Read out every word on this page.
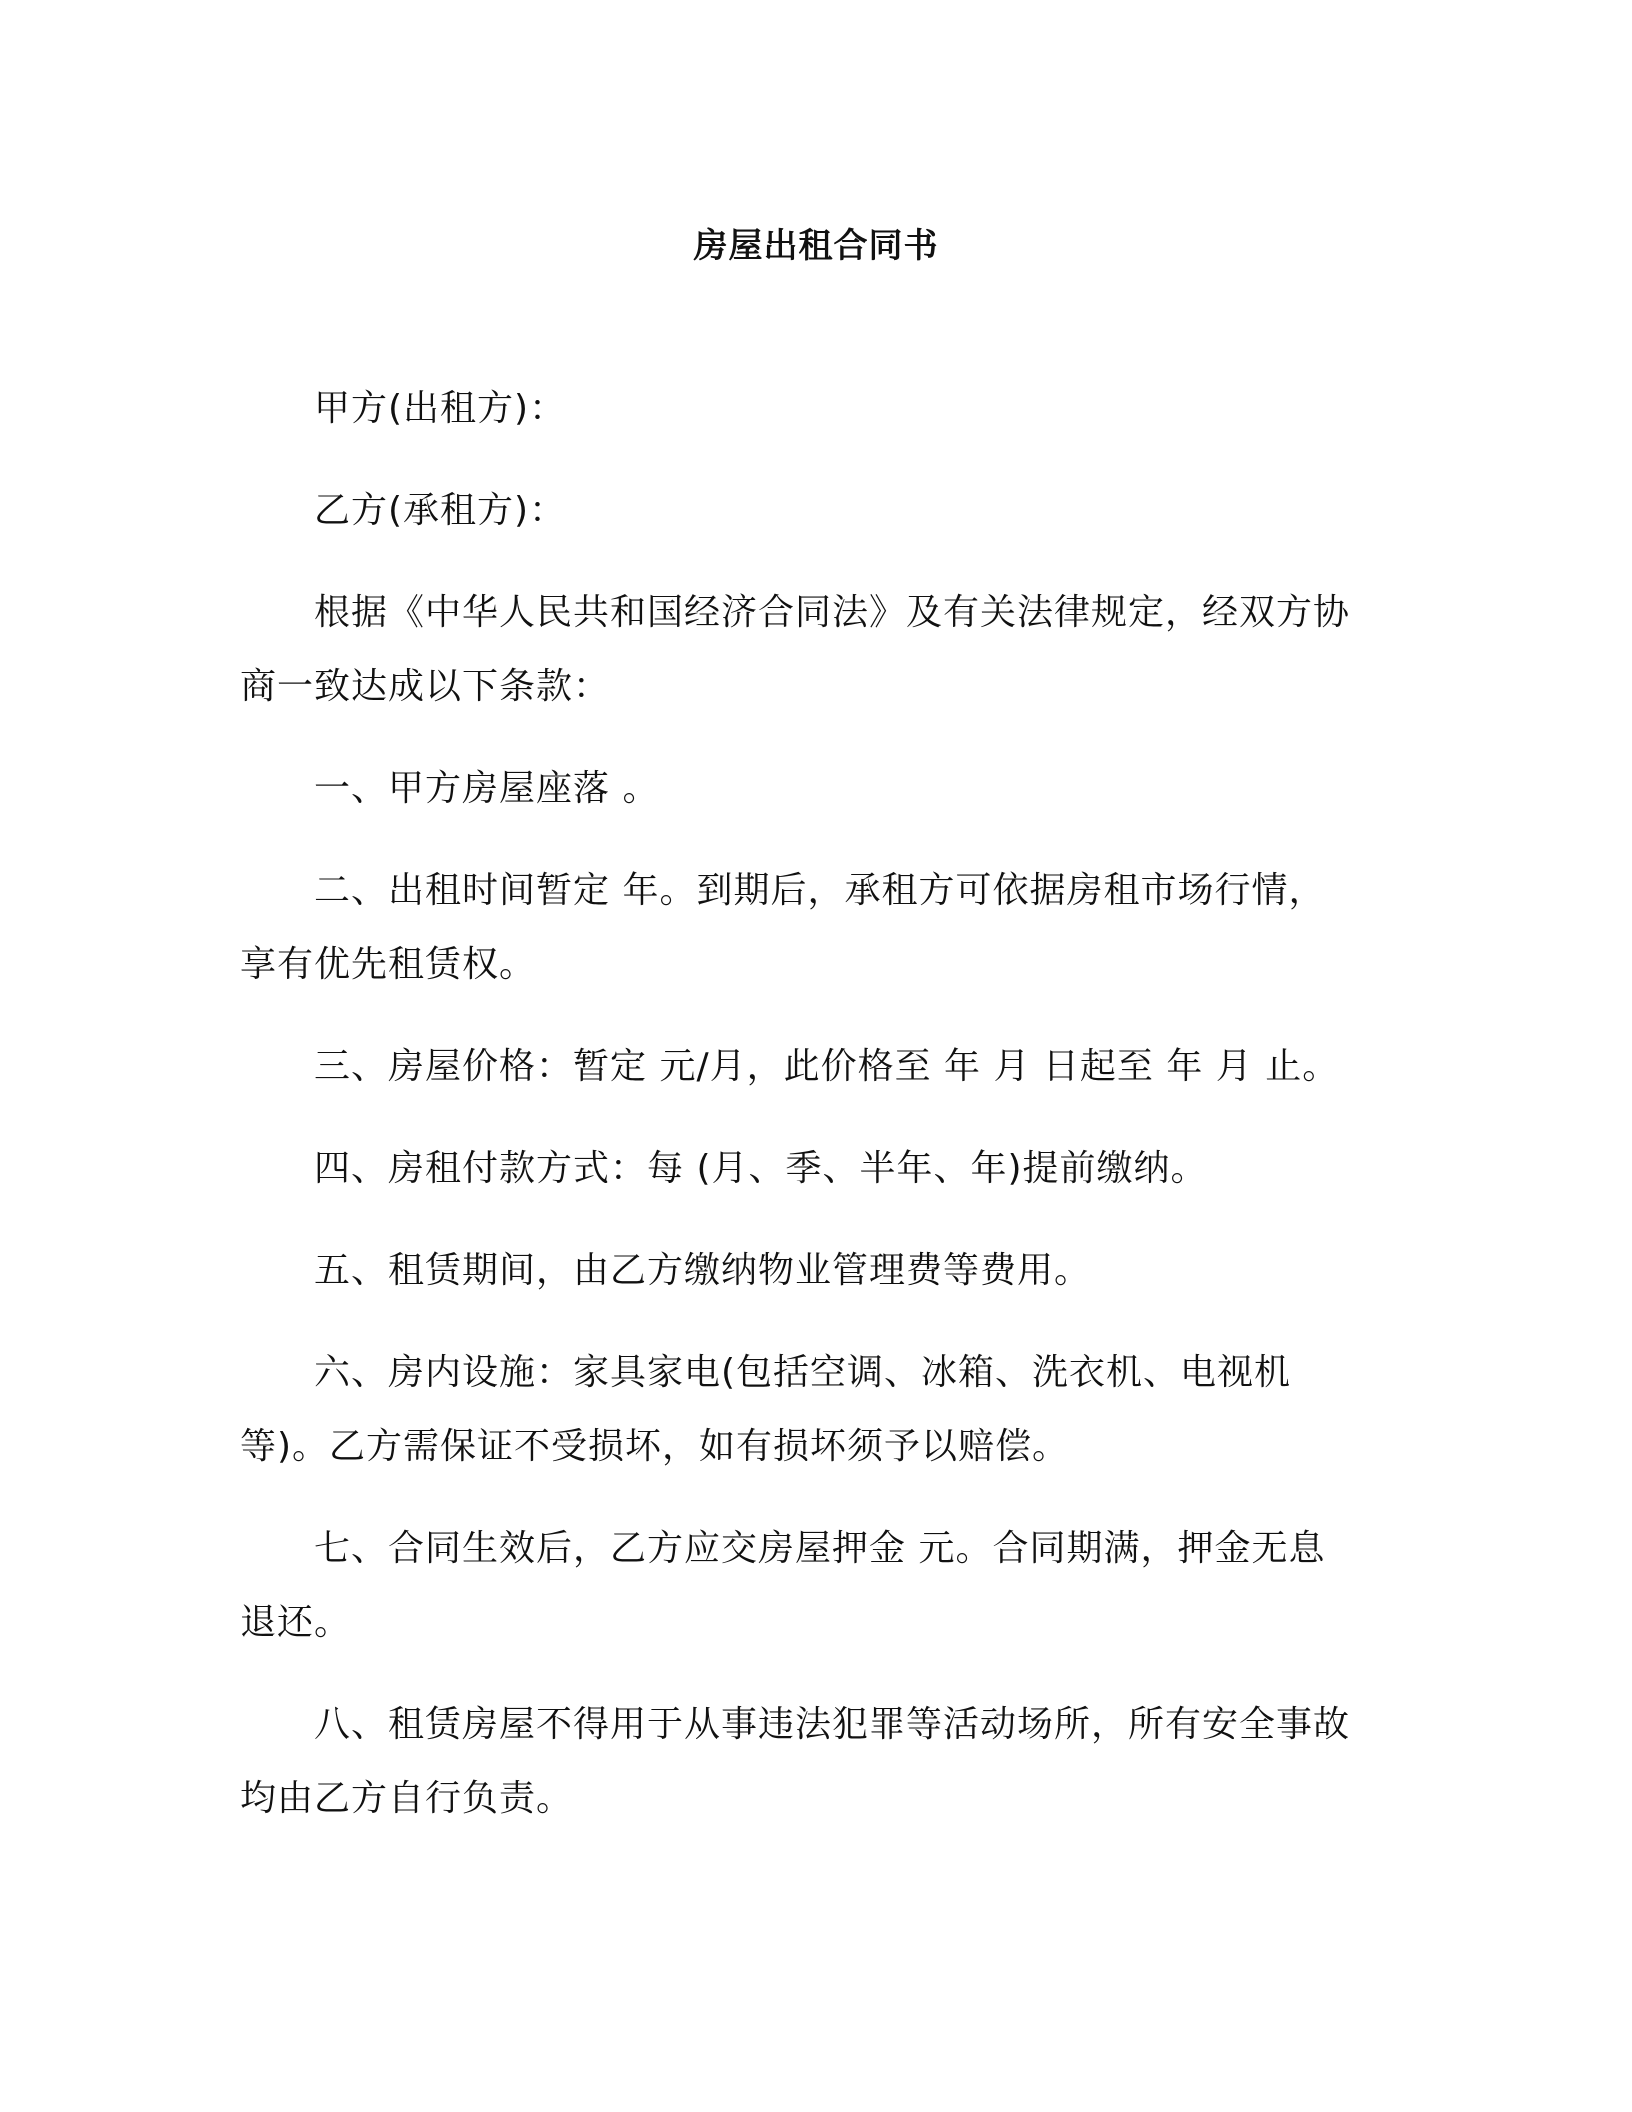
房屋出租合同书

甲方(出租方)：

乙方(承租方)：

根据《中华人民共和国经济合同法》及有关法律规定，经双方协商一致达成以下条款：

一、甲方房屋座落 。

二、出租时间暂定 年。到期后，承租方可依据房租市场行情，享有优先租赁权。

三、房屋价格：暂定 元/月，此价格至 年 月 日起至 年 月 止。

四、房租付款方式：每 (月、季、半年、年)提前缴纳。

五、租赁期间，由乙方缴纳物业管理费等费用。

六、房内设施：家具家电(包括空调、冰箱、洗衣机、电视机等)。乙方需保证不受损坏，如有损坏须予以赔偿。

七、合同生效后，乙方应交房屋押金 元。合同期满，押金无息退还。

八、租赁房屋不得用于从事违法犯罪等活动场所，所有安全事故均由乙方自行负责。
